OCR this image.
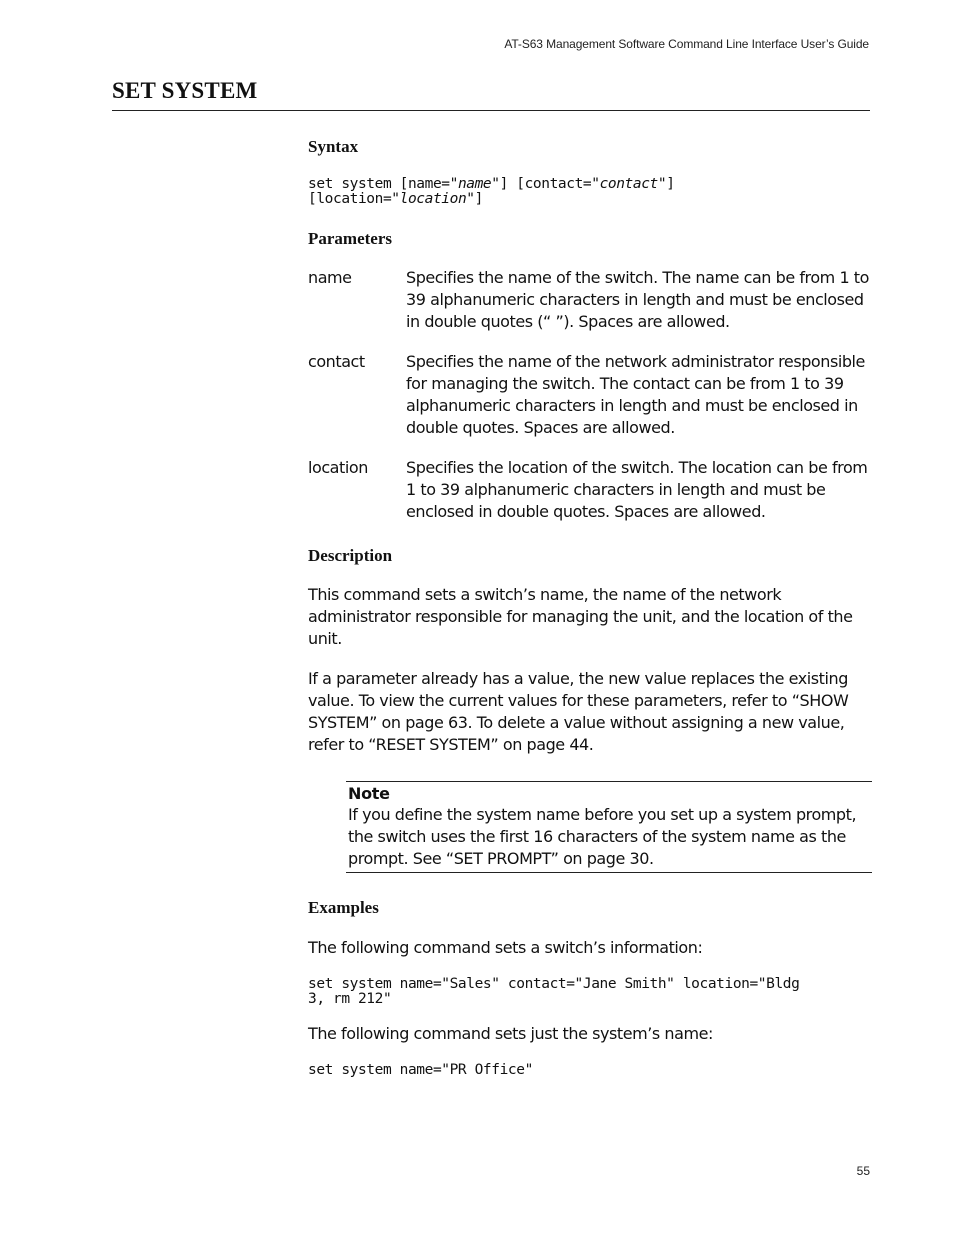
AT-S63 Management Software Command Line Interface User’s Guide
SET SYSTEM
Syntax
set system [name="name"] [contact="contact"]
[location="location"]
Parameters
name	Specifies the name of the switch. The name can be from 1 to 39 alphanumeric characters in length and must be enclosed in double quotes (“ ”). Spaces are allowed.
contact	Specifies the name of the network administrator responsible for managing the switch. The contact can be from 1 to 39 alphanumeric characters in length and must be enclosed in double quotes. Spaces are allowed.
location	Specifies the location of the switch. The location can be from 1 to 39 alphanumeric characters in length and must be enclosed in double quotes. Spaces are allowed.
Description

This command sets a switch’s name, the name of the network administrator responsible for managing the unit, and the location of the unit.

If a parameter already has a value, the new value replaces the existing value. To view the current values for these parameters, refer to “SHOW SYSTEM” on page 63. To delete a value without assigning a new value, refer to “RESET SYSTEM” on page 44.

Note
If you define the system name before you set up a system prompt, the switch uses the first 16 characters of the system name as the prompt. See “SET PROMPT” on page 30.
Examples

The following command sets a switch’s information:

set system name="Sales" contact="Jane Smith" location="Bldg
3, rm 212"

The following command sets just the system’s name:

set system name="PR Office"
55
